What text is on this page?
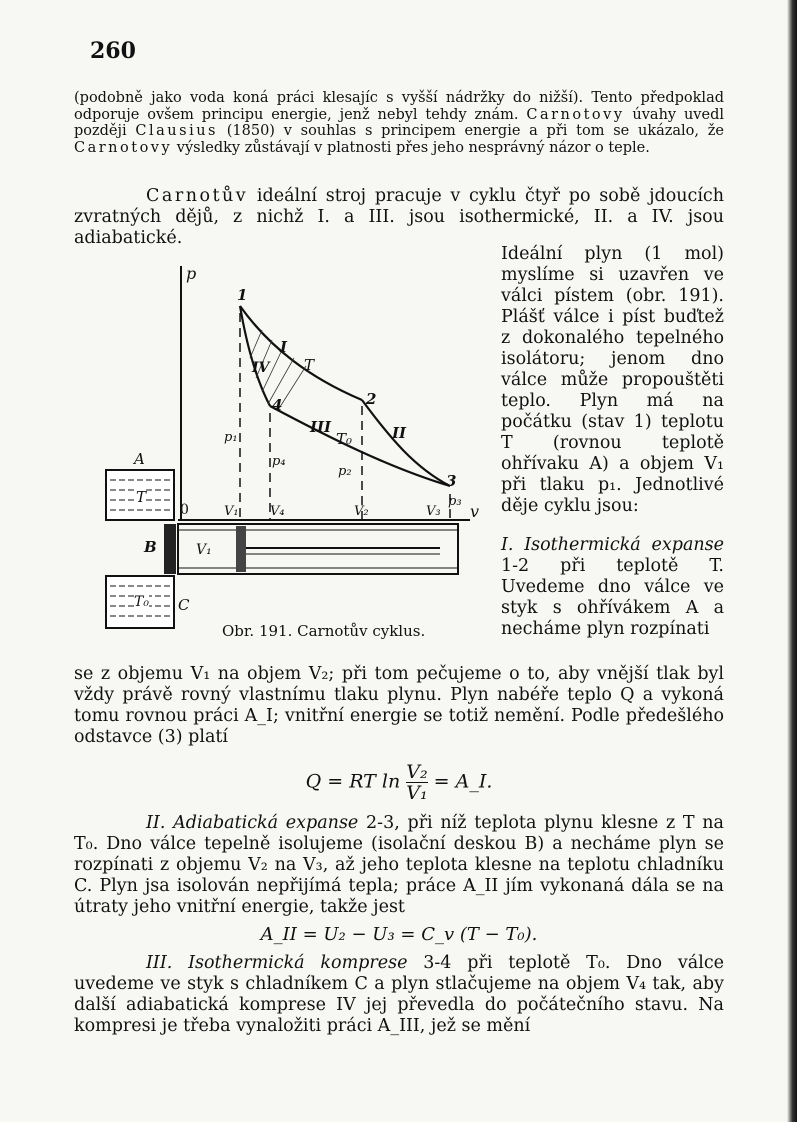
260

(podobně jako voda koná práci klesajíc s vyšší nádržky do nižší). Tento předpoklad odporuje ovšem principu energie, jenž nebyl tehdy znám. Carnotovy úvahy uvedl později Clausius (1850) v souhlas s principem energie a při tom se ukázalo, že Carnotovy výsledky zůstávají v platnosti přes jeho nesprávný názor o teple.

Carnotův ideální stroj pracuje v cyklu čtyř po sobě jdoucích zvratných dějů, z nichž I. a III. jsou isothermické, II. a IV. jsou adiabatické.

p
v
0
1
2
3
4
I
II
III
IV T
T₀
p₁
p₄
p₂
p₃
V₁ V₄	V₂	V₃
A
T
B	V₁
T₀ C
Obr. 191. Carnotův cyklus.

Ideální plyn (1 mol) myslíme si uzavřen ve válci pístem (obr. 191). Plášť válce i píst buďtež z dokonalého tepelného isolátoru; jenom dno válce může propouštěti teplo. Plyn má na počátku (stav 1) teplotu T (rovnou teplotě ohřívaku A) a objem V₁ při tlaku p₁. Jednotlivé děje cyklu jsou:

I. Isothermická expanse 1-2 při teplotě T. Uvedeme dno válce ve styk s ohřívákem A a necháme plyn rozpínati

se z objemu V₁ na objem V₂; při tom pečujeme o to, aby vnější tlak byl vždy právě rovný vlastnímu tlaku plynu. Plyn nabéře teplo Q a vykoná tomu rovnou práci A_I; vnitřní energie se totiž nemění. Podle předešlého odstavce (3) platí

Q = RT $\ln \frac{\text{V₂}}{\text{V₁}}$ = A_I.

II. Adiabatická expanse 2-3, při níž teplota plynu klesne z T na T₀. Dno válce tepelně isolujeme (isolační deskou B) a necháme plyn se rozpínati z objemu V₂ na V₃, až jeho teplota klesne na teplotu chladníku C. Plyn jsa isolován nepřijímá tepla; práce A_II jím vykonaná dála se na útraty jeho vnitřní energie, takže jest

A_II = U₂ − U₃ = C_v (T − T₀).

III. Isothermická komprese 3-4 při teplotě T₀. Dno válce uvedeme ve styk s chladníkem C a plyn stlačujeme na objem V₄ tak, aby další adiabatická komprese IV jej převedla do počátečního stavu. Na kompresi je třeba vynaložiti práci A_III, jež se mění
